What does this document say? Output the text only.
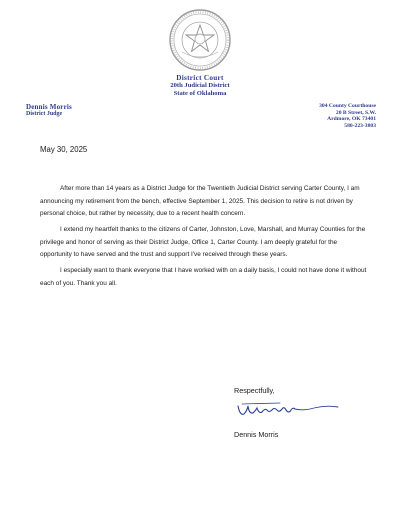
District Court
20th Judicial District
State of Oklahoma
Dennis Morris
District Judge
304 County Courthouse
20 B Street, S.W.
Ardmore, OK 73401
580-223-3803
May 30, 2025

After more than 14 years as a District Judge for the Twentieth Judicial District serving Carter County, I am announcing my retirement from the bench, effective September 1, 2025. This decision to retire is not driven by personal choice, but rather by necessity, due to a recent health concern.

I extend my heartfelt thanks to the citizens of Carter, Johnston, Love, Marshall, and Murray Counties for the privilege and honor of serving as their District Judge, Office 1, Carter County. I am deeply grateful for the opportunity to have served and the trust and support I've received through these years.

I especially want to thank everyone that I have worked with on a daily basis, I could not have done it without each of you. Thank you all.

Respectfully,
Dennis Morris
